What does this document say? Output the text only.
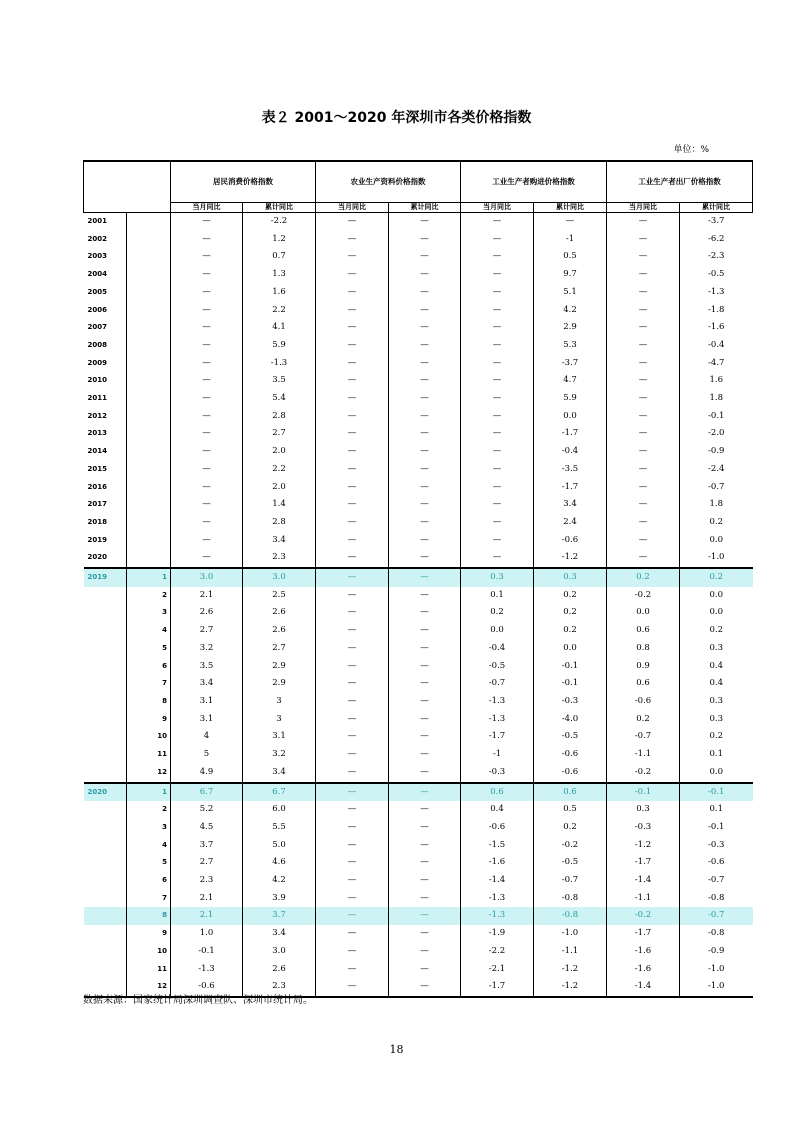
表２ 2001～2020 年深圳市各类价格指数
单位：%
		居民消费价格指数		农业生产资料价格指数		工业生产者购进价格指数		工业生产者出厂价格指数	
		当月同比	累计同比	当月同比	累计同比	当月同比	累计同比	当月同比	累计同比
2001		—	-2.2	—	—	—	—	—	-3.7
2002		—	1.2	—	—	—	-1	—	-6.2
2003		—	0.7	—	—	—	0.5	—	-2.3
2004		—	1.3	—	—	—	9.7	—	-0.5
2005		—	1.6	—	—	—	5.1	—	-1.3
2006		—	2.2	—	—	—	4.2	—	-1.8
2007		—	4.1	—	—	—	2.9	—	-1.6
2008		—	5.9	—	—	—	5.3	—	-0.4
2009		—	-1.3	—	—	—	-3.7	—	-4.7
2010		—	3.5	—	—	—	4.7	—	1.6
2011		—	5.4	—	—	—	5.9	—	1.8
2012		—	2.8	—	—	—	0.0	—	-0.1
2013		—	2.7	—	—	—	-1.7	—	-2.0
2014		—	2.0	—	—	—	-0.4	—	-0.9
2015		—	2.2	—	—	—	-3.5	—	-2.4
2016		—	2.0	—	—	—	-1.7	—	-0.7
2017		—	1.4	—	—	—	3.4	—	1.8
2018		—	2.8	—	—	—	2.4	—	0.2
2019		—	3.4	—	—	—	-0.6	—	0.0
2020		—	2.3	—	—	—	-1.2	—	-1.0
2019	1	3.0	3.0	—	—	0.3	0.3	0.2	0.2
	2	2.1	2.5	—	—	0.1	0.2	-0.2	0.0
	3	2.6	2.6	—	—	0.2	0.2	0.0	0.0
	4	2.7	2.6	—	—	0.0	0.2	0.6	0.2
	5	3.2	2.7	—	—	-0.4	0.0	0.8	0.3
	6	3.5	2.9	—	—	-0.5	-0.1	0.9	0.4
	7	3.4	2.9	—	—	-0.7	-0.1	0.6	0.4
	8	3.1	3	—	—	-1.3	-0.3	-0.6	0.3
	9	3.1	3	—	—	-1.3	-4.0	0.2	0.3
	10	4	3.1	—	—	-1.7	-0.5	-0.7	0.2
	11	5	3.2	—	—	-1	-0.6	-1.1	0.1
	12	4.9	3.4	—	—	-0.3	-0.6	-0.2	0.0
2020	1	6.7	6.7	—	—	0.6	0.6	-0.1	-0.1
	2	5.2	6.0	—	—	0.4	0.5	0.3	0.1
	3	4.5	5.5	—	—	-0.6	0.2	-0.3	-0.1
	4	3.7	5.0	—	—	-1.5	-0.2	-1.2	-0.3
	5	2.7	4.6	—	—	-1.6	-0.5	-1.7	-0.6
	6	2.3	4.2	—	—	-1.4	-0.7	-1.4	-0.7
	7	2.1	3.9	—	—	-1.3	-0.8	-1.1	-0.8
	8	2.1	3.7	—	—	-1.3	-0.8	-0.2	-0.7
	9	1.0	3.4	—	—	-1.9	-1.0	-1.7	-0.8
	10	-0.1	3.0	—	—	-2.2	-1.1	-1.6	-0.9
	11	-1.3	2.6	—	—	-2.1	-1.2	-1.6	-1.0
	12	-0.6	2.3	—	—	-1.7	-1.2	-1.4	-1.0
数据来源：国家统计局深圳调查队、深圳市统计局。
18
